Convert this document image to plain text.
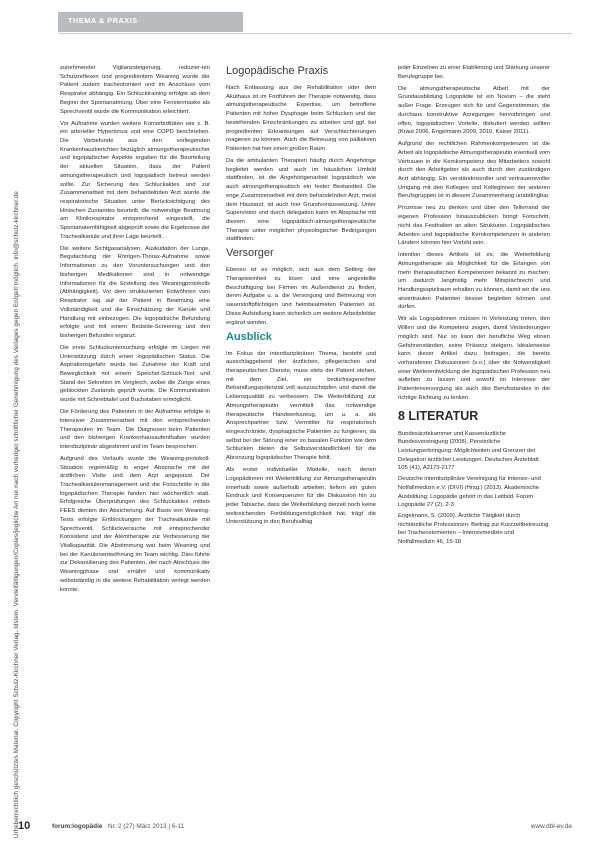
THEMA & PRAXIS
Urheberrechtlich geschütztes Material. Copyright Schulz-Kirchner Verlag. Idstein. Vervielfältigungen/Copies/jegliche Art nur nach vorheriger schriftlicher Genehmigung des Verlages gegen Entgelt möglich. info@schulz-kirchner.de

zunehmender Vigilanzsteigerung, reduzier-ten Schutzreflexen und progredientem Weaning wurde der Patient zudem tracheotomiert und im Anschluss vom Respirator abhängig. Ein Schlucktraining erfolgte ab dem Beginn der Spontanatmung. Über eine Fenstermaske als Sprechventil wurde die Kommunikation erleichtert.

Vor Aufnahme wurden weitere Komorbiditäten wie z. B. ein arterieller Hypertonus und eine COPD beschrieben. Die Vorbefunde aus den vorliegenden Krankenhausberichten bezüglich atmungstherapeutischer und logopädischer Aspekte ergaben für die Beurteilung der aktuellen Situation, dass der Patient atmungstherapeutisch und logopädisch betreut werden sollte. Zur Sicherung des Schluckaktes und zur Zusammenarbeit mit dem behandelnden Arzt wurde die respiratorische Situation unter Berücksichtigung des klinischen Zustandes beurteilt, die notwendige Beatmung am Klinikrespirator entsprechend eingestellt, die Spontanatemfähigkeit abgeprüft sowie die Ergebnisse der Trachealkanüle und ihrer Lage beurteilt.

Die weitere Sichtgasanalysen, Auskultation der Lunge, Begutachtung der Röntgen-Thorax-Aufnahme sowie Informationen zu den Voruntersuchungen und den bisherigen Medikationen sind in notwendige Informationen für die Erstellung des Weaningprotokolls (Abhängigkeit). Vor dem strukturierten Entwöhnen vom Respirator lag auf der Patient in Beatmung eine Vollständigkeit und die Einschätzung der Kanüle und Handlung mit einbezogen. Die logopädische Befundung erfolgte und mit einem Bedside-Screening und den bisherigen Befunden ergänzt.

Die erste Schluckuntersuchung erfolgte im Liegen mit Unterstützung durch einen logopädischen Status. Die Aspirationsgefahr wurde bei Zunahme der Kraft und Beweglichkeit mit einem Speichel-Schluck-Test und Stand der Sekretion im Vergleich, wobei die Zunge eines geblockten Zustands geprüft wurde. Die Kommunikation wurde mit Schreibtafel und Buchstaben ermöglicht.

Die Förderung des Patienten in der Aufnahme erfolgte in intensiver Zusammenarbeit mit den entsprechenden Therapeuten im Team. Die Diagnosen beim Patienten und den bisherigen Krankenhausaufenthalten wurden interdisziplinär abgestimmt und im Team besprochen.

Aufgrund des Verlaufs wurde die Weaning-protokoll-Situation regelmäßig in enger Absprache mit der ärztlichen Visite und dem Arzt angepasst. Der Trachealkanülenmanagement und die Fortschritte in der logopädischen Therapie fanden hier wöchentlich statt. Erfolgreiche Überprüfungen des Schluckaktes mittels FEES dienten der Absicherung. Auf Basis von Weaning-Tests erfolgte Entblockungen der Trachealkanüle mit Sprechventil, Schluckversuche mit entsprechender Konsistenz und der Atemtherapie zur Verbesserung der Vitalkapazität. Die Abstimmung war beim Weaning und bei der Kanülenentwöhnung im Team wichtig. Dies führte zur Dekanülierung des Patienten, der nach Abschluss der Weaningphase oral ernährt und kommunikativ selbstständig in die weitere Rehabilitation verlegt werden konnte.

Logopädische Praxis

Nach Entlassung aus der Rehabilitation oder dem Akuthaus ist im Fortführen der Therapie notwendig, dass atmungstherapeutische Expertise, um betroffene Patienten mit hoher Dysphagie beim Schlucken und der bestehenden Einschränkungen zu arbeiten und ggf. bei progredienten Erkrankungen auf Verschlechterungen reagieren zu können. Auch die Betreuung von palliativen Patienten hat hier einen großen Raum.

Da die ambulanten Therapien häufig durch Angehörige begleitet werden und auch im häuslichen Umfeld stattfinden, ist die Angehörigenarbeit logopädisch wie auch atmungstherapeutisch ein fester Bestandteil. Die enge Zusammenarbeit mit dem behandelnden Arzt, meist dem Hausarzt, ist auch hier Grundvoraussetzung. Unter Supervision und durch delegation kann im Absprache mit diesem eine logopädisch-atmungstherapeutische Therapie unter möglicher physiologischer Bedingungen stattfinden.

Versorger

Ebenso ist es möglich, sich aus dem Setting der Therapieeinheit zu lösen und eine angestellte Beschäftigung bei Firmen im Außendienst zu finden, deren Aufgabe u. a. die Versorgung und Betreuung von sauerstoffpflichtigen und heimbeatmeten Patienten ist. Diese Aufstellung kann sicherlich um weitere Arbeitsfelder ergänzt werden.

Ausblick

Im Fokus der interdisziplinären Thema, besteht und ausschlaggebend der ärztlichen, pflegerischen und therapeutischen Dienste, muss stets der Patient stehen, mit dem Ziel, ein bedürfnisgerechter Behandlungspotenzial voll auszuschöpfen und damit die Lebensqualität zu verbessern. Die Weiterbildung zur Atmungstherapeutin vermittelt das notwendige therapeutische Handwerkszeug, um u. a. als Ansprechpartner bzw. Vermittler für respiratorisch eingeschränkte, dysphagische Patienten zu fungieren, da selbst bei der Störung einer so basalen Funktion wie dem Schlucken bieten die Selbstverständlichkeit für die Abrenzung logopädischer Therapie fehlt.

Als erster individueller Modelle, nach denen Logopädinnen mit Weiterbildung zur Atmungstherapeutin innerhalb sowie außerhalb arbeiten, liefern ein guten Eindruck und Konsequenzen für die Diskussion hin zu jeder Tatsache, dass die Weiterbildung derzeit noch keine weitreichenden Fortbildungsmöglichkeit hat, trägt die Unterstützung in den Berufsalltag

jeder Einzelnen zu einer Etablierung und Stärkung unserer Berufsgruppe bei.

Die atmungstherapeutische Arbeit mit der Grundausbildung Logopädie ist ein Novum – die steht außer Frage. Erzeugen sich für und Gegenstimmen, die durchaus konstruktive Anregungen hervorbringen und offen, logopädischen Vorteile, diskutiert werden sollten (Kraut 2006, Engelmann 2009, 2010, Kaiser 2011).

Aufgrund der rechtlichen Rahmenkompetenzen ist die Arbeit als logopädische Atmungstherapeutin eventuell vom Vertrauen in die Kernkompetenz des Mitarbeiters sowohl durch den Arbeitgeber als auch durch den zuständigen Arzt abhängig. Ein verständnisvoller und vertrauensvoller Umgang mit den Kollegen und Kolleginnen der anderen Berufsgruppen ist in diesem Zusammenhang unabdingbar.

Prozesse neu zu denken und über den Tellerrand der eigenen Profession hinauszublicken bringt Fortschritt, nicht das Festhalten an alten Strukturen. Logopädisches Arbeiten und logopädische Kernkompetenzen in anderen Ländern können hier Vorbild sein.

Intention dieses Artikels ist es, die Weiterbildung Atmungstherapie als Möglichkeit für die Erlangen von mehr therapeutischen Kompetenzen bekannt zu machen, um dadurch langfristig mehr Mitsprachrecht und Handlungsspielraum erhalten zu können, damit wir die uns anvertrauten Patienten besser begleiten können und dürfen.

Wir als Logopädinnen müssen in Vorleistung treten, den Willen und die Kompetenz zeigen, damit Veränderungen möglich sind. Nur so kann der berufliche Weg ebnen Gefahrenständen, seine Präsenz steigern. Idealerweise kann dieser Artikel dazu beitragen, die bereits vorhandenen Diskussionen (s.o.) über die Notwendigkeit einer Weiterentwicklung der logopädischen Profession neu aufleben zu lassen und sowohl im Interesse der Patientenversorgung als auch des Berufsstandes in die richtige Richtung zu lenken.

8 LITERATUR

Bundesärztekammer und Kassenärztliche Bundesvereinigung (2008). Persönliche Leistungserbringung: Möglichkeiten und Grenzen der Delegation ärztlicher Leistungen. Deutsches Ärzteblatt 105 (41), A2173-2177

Deutsche interdisziplinäre Vereinigung für Intensiv- und Notfallmedizin e.V. (DIVI) (Hrsg.) (2013). Akademische Ausbildung: Logopädie gehört in das Leitbild. Forum Logopädie 27 (2), 2-3

Engelmann, S. (2009). Ärztliche Tätigkeit durch nichtärztliche Professionen: Beitrag zur Kurzzeitbetreuung bei Tracheostomierten – Intensivmedizin und Notfallmedizin 46, 15-18

10	forum:logopädie Nr. 2 (27) März 2013 | 6-11	www.dbl-ev.de
